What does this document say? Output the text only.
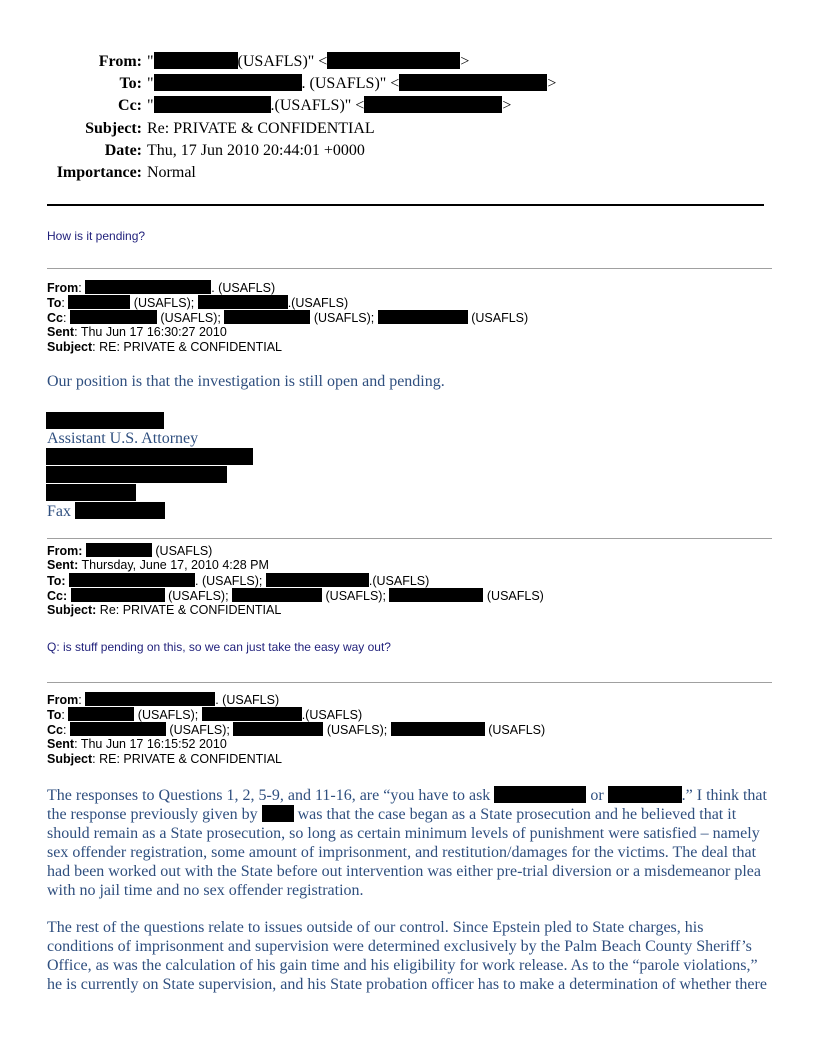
From: "	(USAFLS)" <	>
To: "	. (USAFLS)" <	>
Cc: "	.(USAFLS)" <	>
Subject: Re: PRIVATE & CONFIDENTIAL
Date: Thu, 17 Jun 2010 20:44:01 +0000
Importance: Normal
How is it pending?
From:	. (USAFLS)
To:	(USAFLS);	.(USAFLS)
Cc:	(USAFLS);	(USAFLS);	(USAFLS)
Sent: Thu Jun 17 16:30:27 2010
Subject: RE: PRIVATE & CONFIDENTIAL
Our position is that the investigation is still open and pending.
Assistant U.S. Attorney
Fax
From:	(USAFLS)
Sent: Thursday, June 17, 2010 4:28 PM
To:	. (USAFLS);	.(USAFLS)
Cc:	(USAFLS);	(USAFLS);	(USAFLS)
Subject: Re: PRIVATE & CONFIDENTIAL
Q: is stuff pending on this, so we can just take the easy way out?
From:	. (USAFLS)
To:	(USAFLS);	.(USAFLS)
Cc:	(USAFLS);	(USAFLS);	(USAFLS)
Sent: Thu Jun 17 16:15:52 2010
Subject: RE: PRIVATE & CONFIDENTIAL
The responses to Questions 1, 2, 5-9, and 11-16, are “you have to ask	or	.” I think that the response previously given by  was that the case began as a State prosecution and he believed that it should remain as a State prosecution, so long as certain minimum levels of punishment were satisfied – namely sex offender registration, some amount of imprisonment, and restitution/damages for the victims. The deal that had been worked out with the State before out intervention was either pre-trial diversion or a misdemeanor plea with no jail time and no sex offender registration.
The rest of the questions relate to issues outside of our control. Since Epstein pled to State charges, his conditions of imprisonment and supervision were determined exclusively by the Palm Beach County Sheriff’s Office, as was the calculation of his gain time and his eligibility for work release. As to the “parole violations,” he is currently on State supervision, and his State probation officer has to make a determination of whether there
